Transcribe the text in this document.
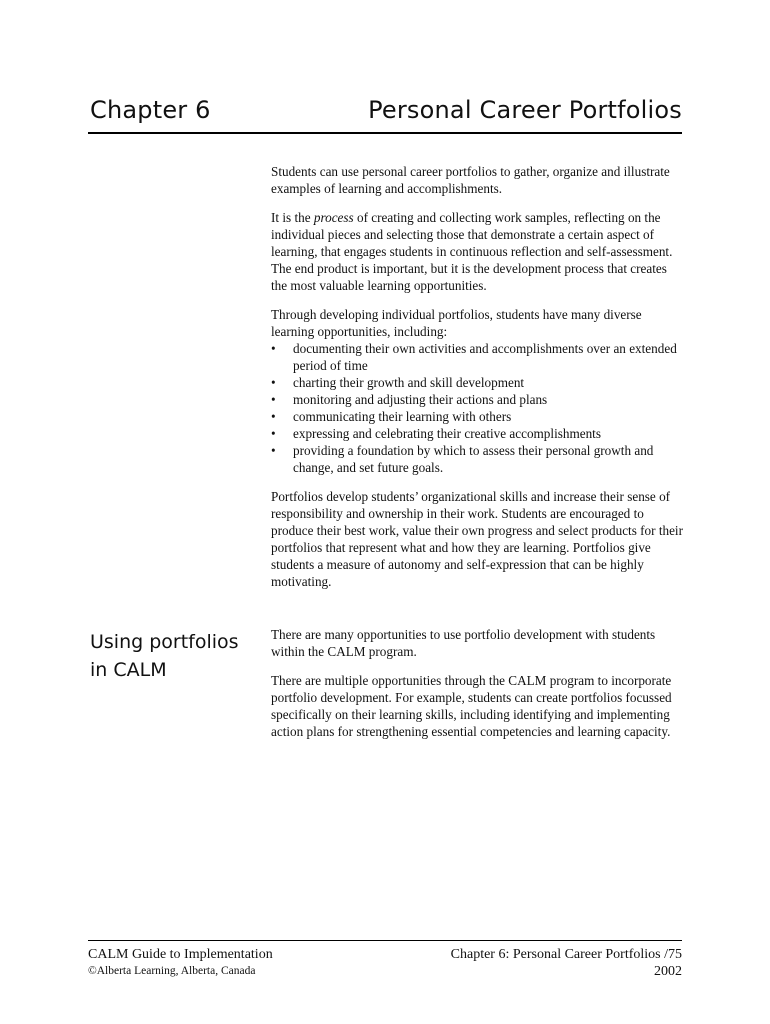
Chapter 6	Personal Career Portfolios

Students can use personal career portfolios to gather, organize and illustrate examples of learning and accomplishments.

It is the process of creating and collecting work samples, reflecting on the individual pieces and selecting those that demonstrate a certain aspect of learning, that engages students in continuous reflection and self-assessment. The end product is important, but it is the development process that creates the most valuable learning opportunities.

Through developing individual portfolios, students have many diverse learning opportunities, including:
• documenting their own activities and accomplishments over an extended period of time
• charting their growth and skill development
• monitoring and adjusting their actions and plans
• communicating their learning with others
• expressing and celebrating their creative accomplishments
• providing a foundation by which to assess their personal growth and change, and set future goals.

Portfolios develop students’ organizational skills and increase their sense of responsibility and ownership in their work. Students are encouraged to produce their best work, value their own progress and select products for their portfolios that represent what and how they are learning. Portfolios give students a measure of autonomy and self-expression that can be highly motivating.

Using portfolios
in CALM

There are many opportunities to use portfolio development with students within the CALM program.

There are multiple opportunities through the CALM program to incorporate portfolio development. For example, students can create portfolios focussed specifically on their learning skills, including identifying and implementing action plans for strengthening essential competencies and learning capacity.

CALM Guide to Implementation
©Alberta Learning, Alberta, Canada
Chapter 6: Personal Career Portfolios /75
2002
